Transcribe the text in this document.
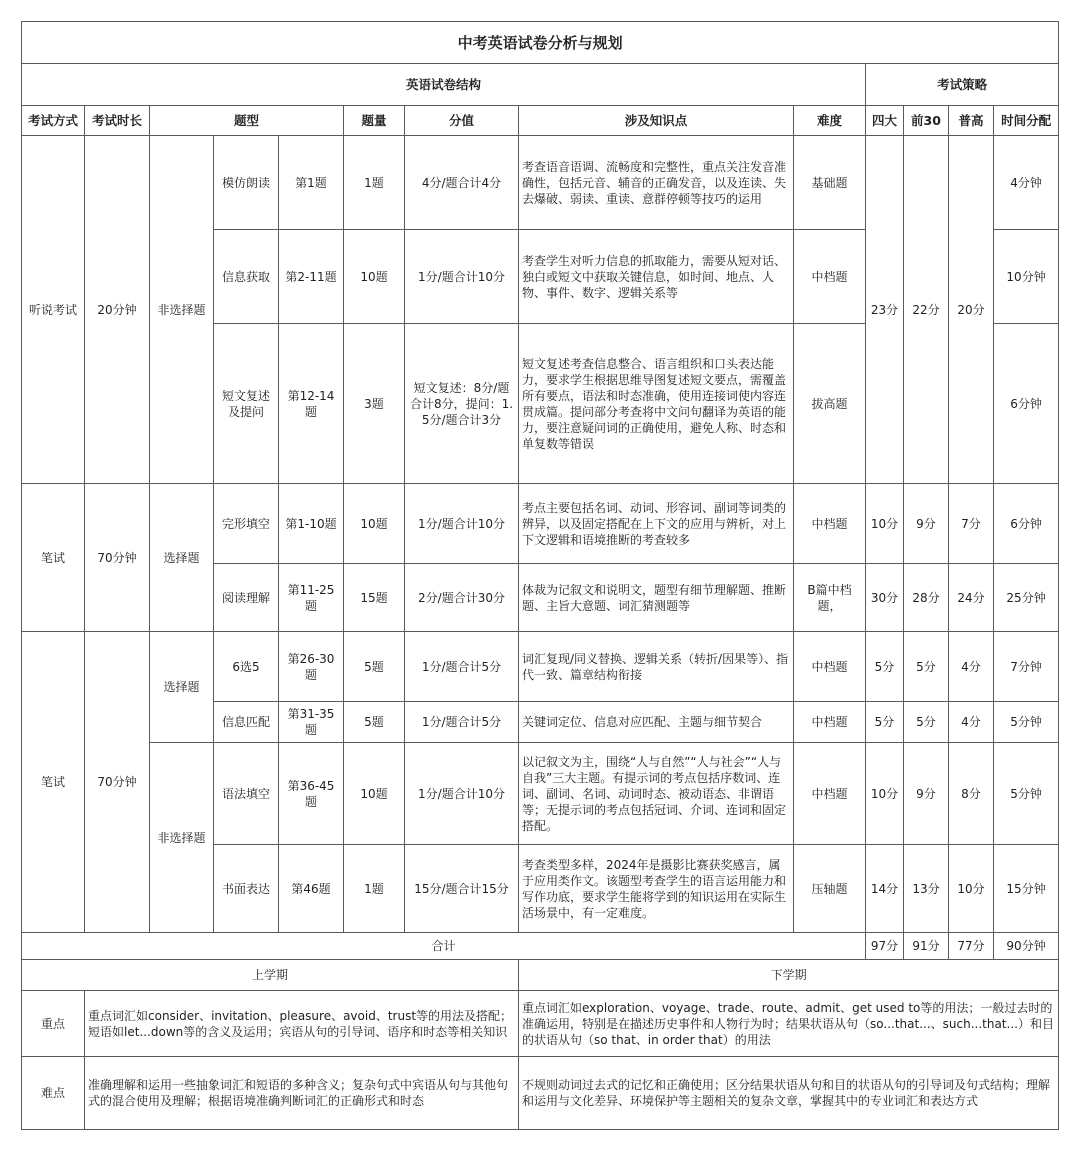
中考英语试卷分析与规划												
英语试卷结构									考试策略			
考试方式	考试时长	题型			题量	分值	涉及知识点	难度	四大	前30	普高	时间分配
听说考试	20分钟	非选择题	模仿朗读	第1题	1题	4分/题合计4分	考查语音语调、流畅度和完整性，重点关注发音准确性，包括元音、辅音的正确发音，以及连读、失去爆破、弱读、重读、意群停顿等技巧的运用	基础题	23分	22分	20分	4分钟
			信息获取	第2-11题	10题	1分/题合计10分	考查学生对听力信息的抓取能力，需要从短对话、独白或短文中获取关键信息，如时间、地点、人物、事件、数字、逻辑关系等	中档题				10分钟
			短文复述及提问	第12-14题	3题	短文复述：8分/题合计8分，提问：1.5分/题合计3分	短文复述考查信息整合、语言组织和口头表达能力，要求学生根据思维导图复述短文要点，需覆盖所有要点，语法和时态准确，使用连接词使内容连贯成篇。提问部分考查将中文问句翻译为英语的能力，要注意疑问词的正确使用，避免人称、时态和单复数等错误	拔高题				6分钟
笔试	70分钟	选择题	完形填空	第1-10题	10题	1分/题合计10分	考点主要包括名词、动词、形容词、副词等词类的辨异，以及固定搭配在上下文的应用与辨析，对上下文逻辑和语境推断的考查较多	中档题	10分	9分	7分	6分钟
			阅读理解	第11-25题	15题	2分/题合计30分	体裁为记叙文和说明文，题型有细节理解题、推断题、主旨大意题、词汇猜测题等	B篇中档题，	30分	28分	24分	25分钟
笔试	70分钟	选择题	6选5	第26-30题	5题	1分/题合计5分	词汇复现/同义替换、逻辑关系（转折/因果等）、指代一致、篇章结构衔接	中档题	5分	5分	4分	7分钟
			信息匹配	第31-35题	5题	1分/题合计5分	关键词定位、信息对应匹配、主题与细节契合	中档题	5分	5分	4分	5分钟
		非选择题	语法填空	第36-45题	10题	1分/题合计10分	以记叙文为主，围绕“人与自然”“人与社会”“人与自我”三大主题。有提示词的考点包括序数词、连词、副词、名词、动词时态、被动语态、非谓语等；无提示词的考点包括冠词、介词、连词和固定搭配。	中档题	10分	9分	8分	5分钟
			书面表达	第46题	1题	15分/题合计15分	考查类型多样，2024年是摄影比赛获奖感言，属于应用类作文。该题型考查学生的语言运用能力和写作功底，要求学生能将学到的知识运用在实际生活场景中，有一定难度。	压轴题	14分	13分	10分	15分钟
合计									97分	91分	77分	90分钟
上学期							下学期					
重点	重点词汇如consider、invitation、pleasure、avoid、trust等的用法及搭配；短语如let...down等的含义及运用；宾语从句的引导词、语序和时态等相关知识						重点词汇如exploration、voyage、trade、route、admit、get used to等的用法；一般过去时的准确运用，特别是在描述历史事件和人物行为时；结果状语从句（so...that...、such...that...）和目的状语从句（so that、in order that）的用法					
难点	准确理解和运用一些抽象词汇和短语的多种含义；复杂句式中宾语从句与其他句式的混合使用及理解；根据语境准确判断词汇的正确形式和时态						不规则动词过去式的记忆和正确使用；区分结果状语从句和目的状语从句的引导词及句式结构；理解和运用与文化差异、环境保护等主题相关的复杂文章，掌握其中的专业词汇和表达方式					
